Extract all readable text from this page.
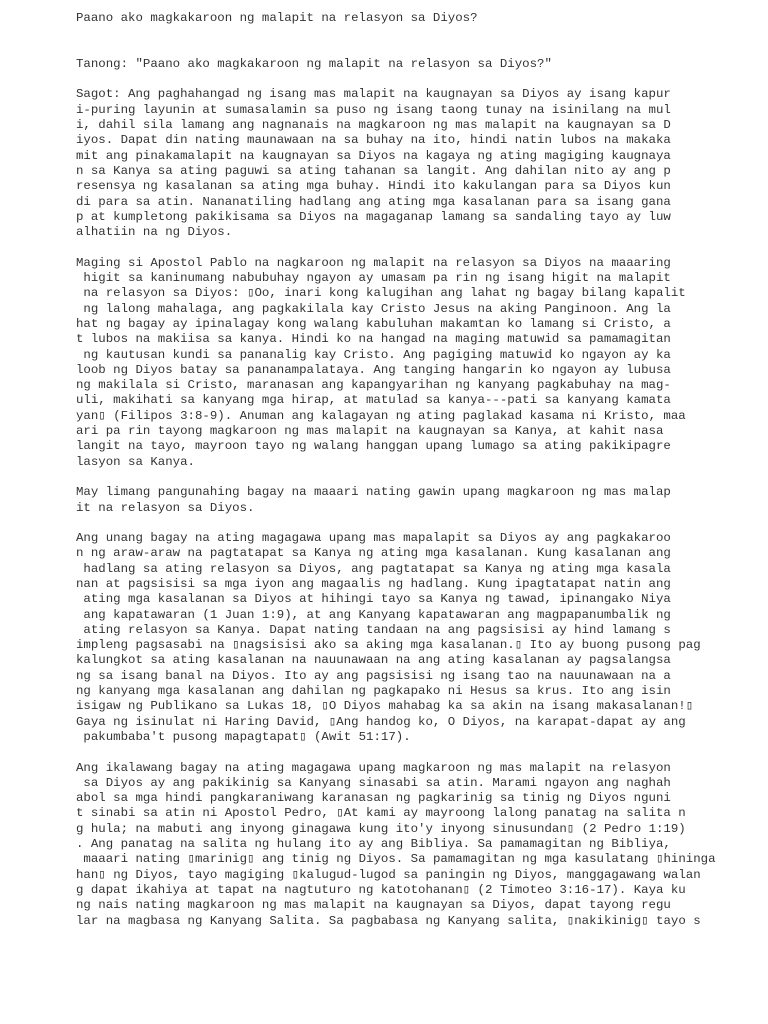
Paano ako magkakaroon ng malapit na relasyon sa Diyos?
Tanong: "Paano ako magkakaroon ng malapit na relasyon sa Diyos?"
Sagot: Ang paghahangad ng isang mas malapit na kaugnayan sa Diyos ay isang kapur
i-puring layunin at sumasalamin sa puso ng isang taong tunay na isinilang na mul
i, dahil sila lamang ang nagnanais na magkaroon ng mas malapit na kaugnayan sa D
iyos. Dapat din nating maunawaan na sa buhay na ito, hindi natin lubos na makaka
mit ang pinakamalapit na kaugnayan sa Diyos na kagaya ng ating magiging kaugnaya
n sa Kanya sa ating paguwi sa ating tahanan sa langit. Ang dahilan nito ay ang p
resensya ng kasalanan sa ating mga buhay. Hindi ito kakulangan para sa Diyos kun
di para sa atin. Nananatiling hadlang ang ating mga kasalanan para sa isang gana
p at kumpletong pakikisama sa Diyos na magaganap lamang sa sandaling tayo ay luw
alhatiin na ng Diyos.
Maging si Apostol Pablo na nagkaroon ng malapit na relasyon sa Diyos na maaaring
higit sa kaninumang nabubuhay ngayon ay umasam pa rin ng isang higit na malapit
na relasyon sa Diyos: ▯Oo, inari kong kalugihan ang lahat ng bagay bilang kapalit
ng lalong mahalaga, ang pagkakilala kay Cristo Jesus na aking Panginoon. Ang la
hat ng bagay ay ipinalagay kong walang kabuluhan makamtan ko lamang si Cristo, a
t lubos na makiisa sa kanya. Hindi ko na hangad na maging matuwid sa pamamagitan
ng kautusan kundi sa pananalig kay Cristo. Ang pagiging matuwid ko ngayon ay ka
loob ng Diyos batay sa pananampalataya. Ang tanging hangarin ko ngayon ay lubusa
ng makilala si Cristo, maranasan ang kapangyarihan ng kanyang pagkabuhay na mag-
uli, makihati sa kanyang mga hirap, at matulad sa kanya---pati sa kanyang kamata
yan▯ (Filipos 3:8-9). Anuman ang kalagayan ng ating paglakad kasama ni Kristo, maa
ari pa rin tayong magkaroon ng mas malapit na kaugnayan sa Kanya, at kahit nasa
langit na tayo, mayroon tayo ng walang hanggan upang lumago sa ating pakikipagre
lasyon sa Kanya.
May limang pangunahing bagay na maaari nating gawin upang magkaroon ng mas malap
it na relasyon sa Diyos.
Ang unang bagay na ating magagawa upang mas mapalapit sa Diyos ay ang pagkakaroo
n ng araw-araw na pagtatapat sa Kanya ng ating mga kasalanan. Kung kasalanan ang
hadlang sa ating relasyon sa Diyos, ang pagtatapat sa Kanya ng ating mga kasala
nan at pagsisisi sa mga iyon ang magaalis ng hadlang. Kung ipagtatapat natin ang
ating mga kasalanan sa Diyos at hihingi tayo sa Kanya ng tawad, ipinangako Niya
ang kapatawaran (1 Juan 1:9), at ang Kanyang kapatawaran ang magpapanumbalik ng
ating relasyon sa Kanya. Dapat nating tandaan na ang pagsisisi ay hind lamang s
impleng pagsasabi na ▯nagsisisi ako sa aking mga kasalanan.▯ Ito ay buong pusong pag
kalungkot sa ating kasalanan na nauunawaan na ang ating kasalanan ay pagsalangsa
ng sa isang banal na Diyos. Ito ay ang pagsisisi ng isang tao na nauunawaan na a
ng kanyang mga kasalanan ang dahilan ng pagkapako ni Hesus sa krus. Ito ang isin
isigaw ng Publikano sa Lukas 18, ▯O Diyos mahabag ka sa akin na isang makasalanan!▯
Gaya ng isinulat ni Haring David, ▯Ang handog ko, O Diyos, na karapat-dapat ay ang
pakumbaba't pusong mapagtapat▯ (Awit 51:17).
Ang ikalawang bagay na ating magagawa upang magkaroon ng mas malapit na relasyon
sa Diyos ay ang pakikinig sa Kanyang sinasabi sa atin. Marami ngayon ang naghah
abol sa mga hindi pangkaraniwang karanasan ng pagkarinig sa tinig ng Diyos nguni
t sinabi sa atin ni Apostol Pedro, ▯At kami ay mayroong lalong panatag na salita n
g hula; na mabuti ang inyong ginagawa kung ito'y inyong sinusundan▯ (2 Pedro 1:19)
. Ang panatag na salita ng hulang ito ay ang Bibliya. Sa pamamagitan ng Bibliya,
maaari nating ▯marinig▯ ang tinig ng Diyos. Sa pamamagitan ng mga kasulatang ▯hininga
han▯ ng Diyos, tayo magiging ▯kalugud-lugod sa paningin ng Diyos, manggagawang walan
g dapat ikahiya at tapat na nagtuturo ng katotohanan▯ (2 Timoteo 3:16-17). Kaya ku
ng nais nating magkaroon ng mas malapit na kaugnayan sa Diyos, dapat tayong regu
lar na magbasa ng Kanyang Salita. Sa pagbabasa ng Kanyang salita, ▯nakikinig▯ tayo s
